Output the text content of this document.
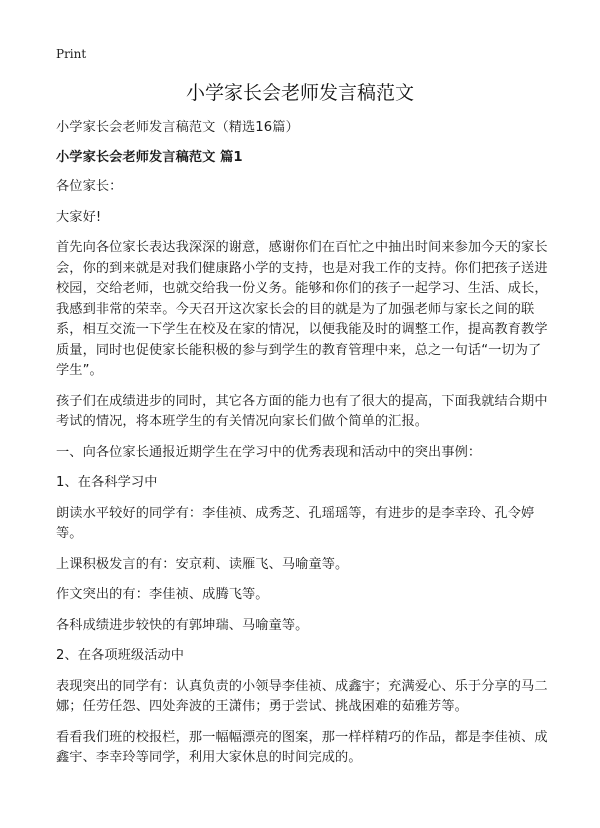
Print
小学家长会老师发言稿范文

小学家长会老师发言稿范文（精选16篇）

小学家长会老师发言稿范文 篇1

各位家长：

大家好!

首先向各位家长表达我深深的谢意，感谢你们在百忙之中抽出时间来参加今天的家长会，你的到来就是对我们健康路小学的支持，也是对我工作的支持。你们把孩子送进校园，交给老师，也就交给我一份义务。能够和你们的孩子一起学习、生活、成长，我感到非常的荣幸。今天召开这次家长会的目的就是为了加强老师与家长之间的联系，相互交流一下学生在校及在家的情况，以便我能及时的调整工作，提高教育教学质量，同时也促使家长能积极的参与到学生的教育管理中来，总之一句话“一切为了学生”。

孩子们在成绩进步的同时，其它各方面的能力也有了很大的提高，下面我就结合期中考试的情况，将本班学生的有关情况向家长们做个简单的汇报。

一、向各位家长通报近期学生在学习中的优秀表现和活动中的突出事例：

1、在各科学习中

朗读水平较好的同学有：李佳祯、成秀芝、孔瑶瑶等，有进步的是李幸玲、孔令婷等。

上课积极发言的有：安京莉、读雁飞、马喻童等。

作文突出的有：李佳祯、成腾飞等。

各科成绩进步较快的有郭坤瑞、马喻童等。

2、在各项班级活动中

表现突出的同学有：认真负责的小领导李佳祯、成鑫宇；充满爱心、乐于分享的马二娜；任劳任怨、四处奔波的王潇伟；勇于尝试、挑战困难的茹雅芳等。

看看我们班的校报栏，那一幅幅漂亮的图案，那一样样精巧的作品，都是李佳祯、成鑫宇、李幸玲等同学，利用大家休息的时间完成的。
